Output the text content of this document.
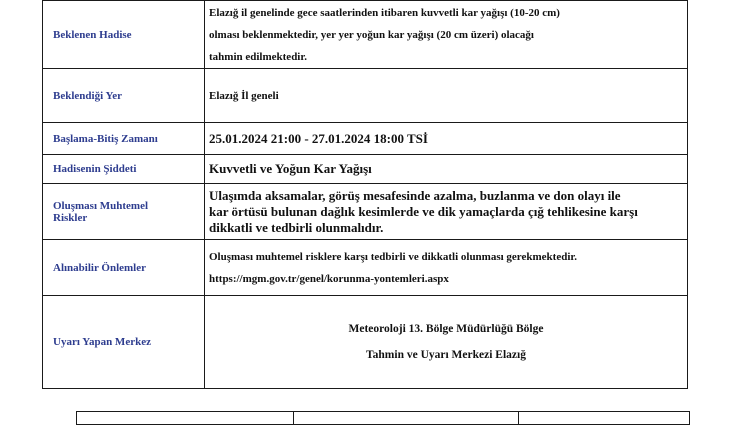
Beklenen Hadise	Elazığ il genelinde gece saatlerinden itibaren kuvvetli kar yağışı (10-20 cm)
olması beklenmektedir, yer yer yoğun kar yağışı (20 cm üzeri) olacağı
tahmin edilmektedir.

Beklendiği Yer	Elazığ İl geneli

Başlama-Bitiş Zamanı	25.01.2024 21:00 - 27.01.2024 18:00 TSİ

Hadisenin Şiddeti	Kuvvetli ve Yoğun Kar Yağışı

Oluşması Muhtemel
Riskler	Ulaşımda aksamalar, görüş mesafesinde azalma, buzlanma ve don olayı ile
kar örtüsü bulunan dağlık kesimlerde ve dik yamaçlarda çığ tehlikesine karşı
dikkatli ve tedbirli olunmalıdır.

Alınabilir Önlemler	Oluşması muhtemel risklere karşı tedbirli ve dikkatli olunması gerekmektedir.
https://mgm.gov.tr/genel/korunma-yontemleri.aspx

Uyarı Yapan Merkez	Meteoroloji 13. Bölge Müdürlüğü Bölge
Tahmin ve Uyarı Merkezi Elazığ
